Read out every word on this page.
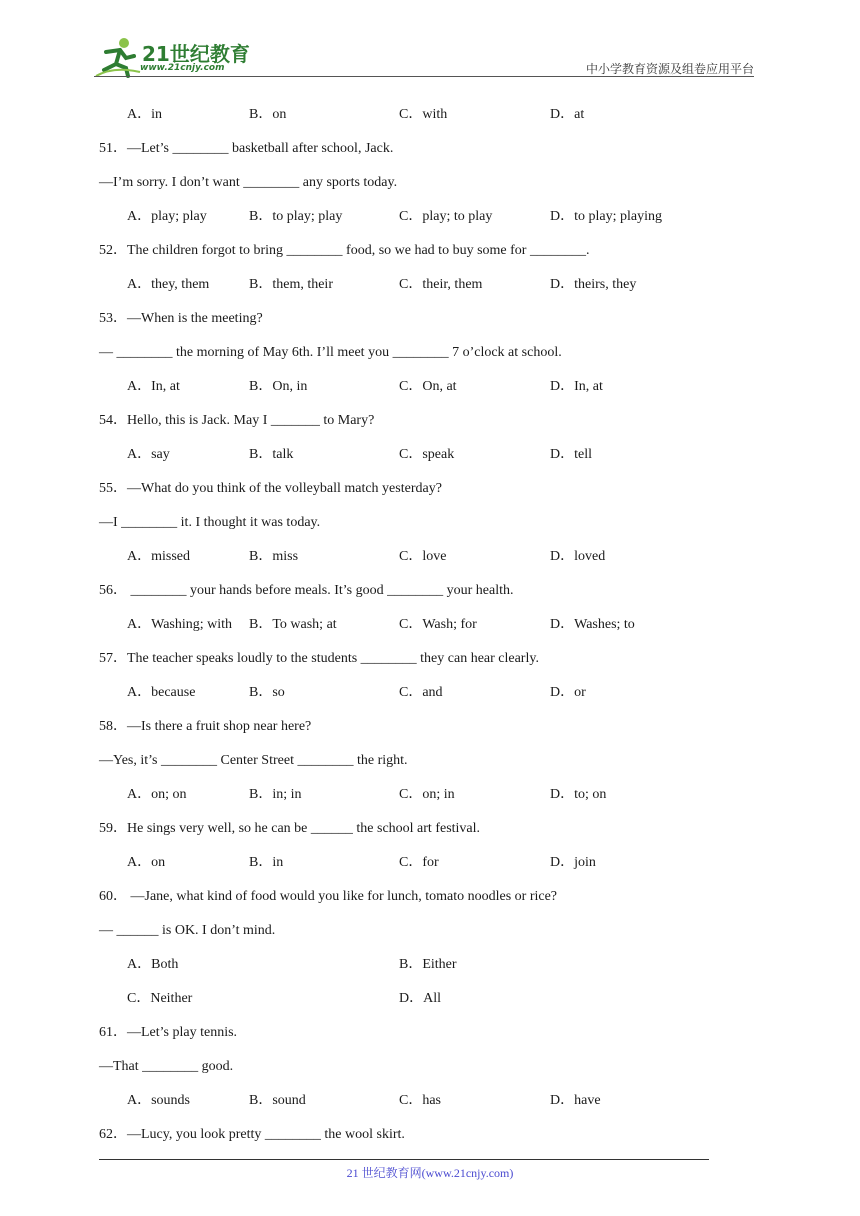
21世纪教育
www.21cnjy.com	中小学教育资源及组卷应用平台
A．in	B．on	C．with	D．at
51．—Let’s ________ basketball after school, Jack.
—I’m sorry. I don’t want ________ any sports today.
A．play; play	B．to play; play	C．play; to play	D．to play; playing
52．The children forgot to bring ________ food, so we had to buy some for ________.
A．they, them	B．them, their	C．their, them	D．theirs, they
53．—When is the meeting?
— ________ the morning of May 6th. I’ll meet you ________ 7 o’clock at school.
A．In, at	B．On, in	C．On, at	D．In, at
54．Hello, this is Jack. May I _______ to Mary?
A．say	B．talk	C．speak	D．tell
55．—What do you think of the volleyball match yesterday?
—I ________ it. I thought it was today.
A．missed	B．miss	C．love	D．loved
56． ________ your hands before meals. It’s good ________ your health.
A．Washing; with B．To wash; at	C．Wash; for	D．Washes; to
57．The teacher speaks loudly to the students ________ they can hear clearly.
A．because	B．so	C．and	D．or
58．—Is there a fruit shop near here?
—Yes, it’s ________ Center Street ________ the right.
A．on; on	B．in; in	C．on; in	D．to; on
59．He sings very well, so he can be ______ the school art festival.
A．on	B．in	C．for	D．join
60． —Jane, what kind of food would you like for lunch, tomato noodles or rice?
— ______ is OK. I don’t mind.
A．Both	B．Either
C．Neither	D．All
61．—Let’s play tennis.
—That ________ good.
A．sounds	B．sound	C．has	D．have
62．—Lucy, you look pretty ________ the wool skirt.
21 世纪教育网(www.21cnjy.com)
